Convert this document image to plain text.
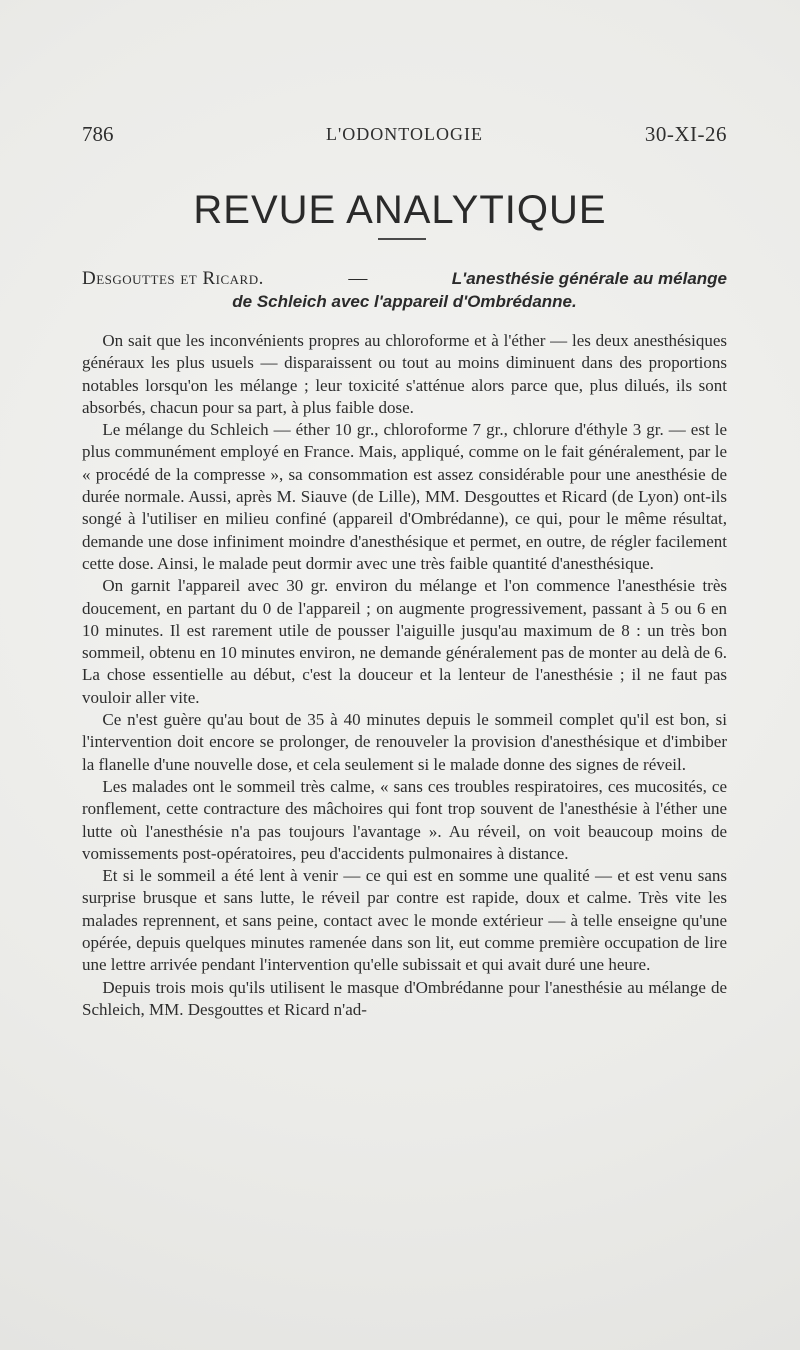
786	L'ODONTOLOGIE	30-XI-26
REVUE ANALYTIQUE
Desgouttes et Ricard.	—	L'anesthésie générale au mélange
de Schleich avec l'appareil d'Ombrédanne.

On sait que les inconvénients propres au chloroforme et à l'éther — les deux anesthésiques généraux les plus usuels — disparaissent ou tout au moins diminuent dans des proportions notables lorsqu'on les mélange ; leur toxicité s'atténue alors parce que, plus dilués, ils sont absorbés, chacun pour sa part, à plus faible dose.

Le mélange du Schleich — éther 10 gr., chloroforme 7 gr., chlorure d'éthyle 3 gr. — est le plus communément employé en France. Mais, appliqué, comme on le fait généralement, par le « procédé de la compresse », sa consommation est assez considérable pour une anesthésie de durée normale. Aussi, après M. Siauve (de Lille), MM. Desgouttes et Ricard (de Lyon) ont-ils songé à l'utiliser en milieu confiné (appareil d'Ombrédanne), ce qui, pour le même résultat, demande une dose infiniment moindre d'anesthésique et permet, en outre, de régler facilement cette dose. Ainsi, le malade peut dormir avec une très faible quantité d'anesthésique.

On garnit l'appareil avec 30 gr. environ du mélange et l'on commence l'anesthésie très doucement, en partant du 0 de l'appareil ; on augmente progressivement, passant à 5 ou 6 en 10 minutes. Il est rarement utile de pousser l'aiguille jusqu'au maximum de 8 : un très bon sommeil, obtenu en 10 minutes environ, ne demande généralement pas de monter au delà de 6. La chose essentielle au début, c'est la douceur et la lenteur de l'anesthésie ; il ne faut pas vouloir aller vite.

Ce n'est guère qu'au bout de 35 à 40 minutes depuis le sommeil complet qu'il est bon, si l'intervention doit encore se prolonger, de renouveler la provision d'anesthésique et d'imbiber la flanelle d'une nouvelle dose, et cela seulement si le malade donne des signes de réveil.

Les malades ont le sommeil très calme, « sans ces troubles respiratoires, ces mucosités, ce ronflement, cette contracture des mâchoires qui font trop souvent de l'anesthésie à l'éther une lutte où l'anesthésie n'a pas toujours l'avantage ». Au réveil, on voit beaucoup moins de vomissements post-opératoires, peu d'accidents pulmonaires à distance.

Et si le sommeil a été lent à venir — ce qui est en somme une qualité — et est venu sans surprise brusque et sans lutte, le réveil par contre est rapide, doux et calme. Très vite les malades reprennent, et sans peine, contact avec le monde extérieur — à telle enseigne qu'une opérée, depuis quelques minutes ramenée dans son lit, eut comme première occupation de lire une lettre arrivée pendant l'intervention qu'elle subissait et qui avait duré une heure.

Depuis trois mois qu'ils utilisent le masque d'Ombrédanne pour l'anesthésie au mélange de Schleich, MM. Desgouttes et Ricard n'ad-
